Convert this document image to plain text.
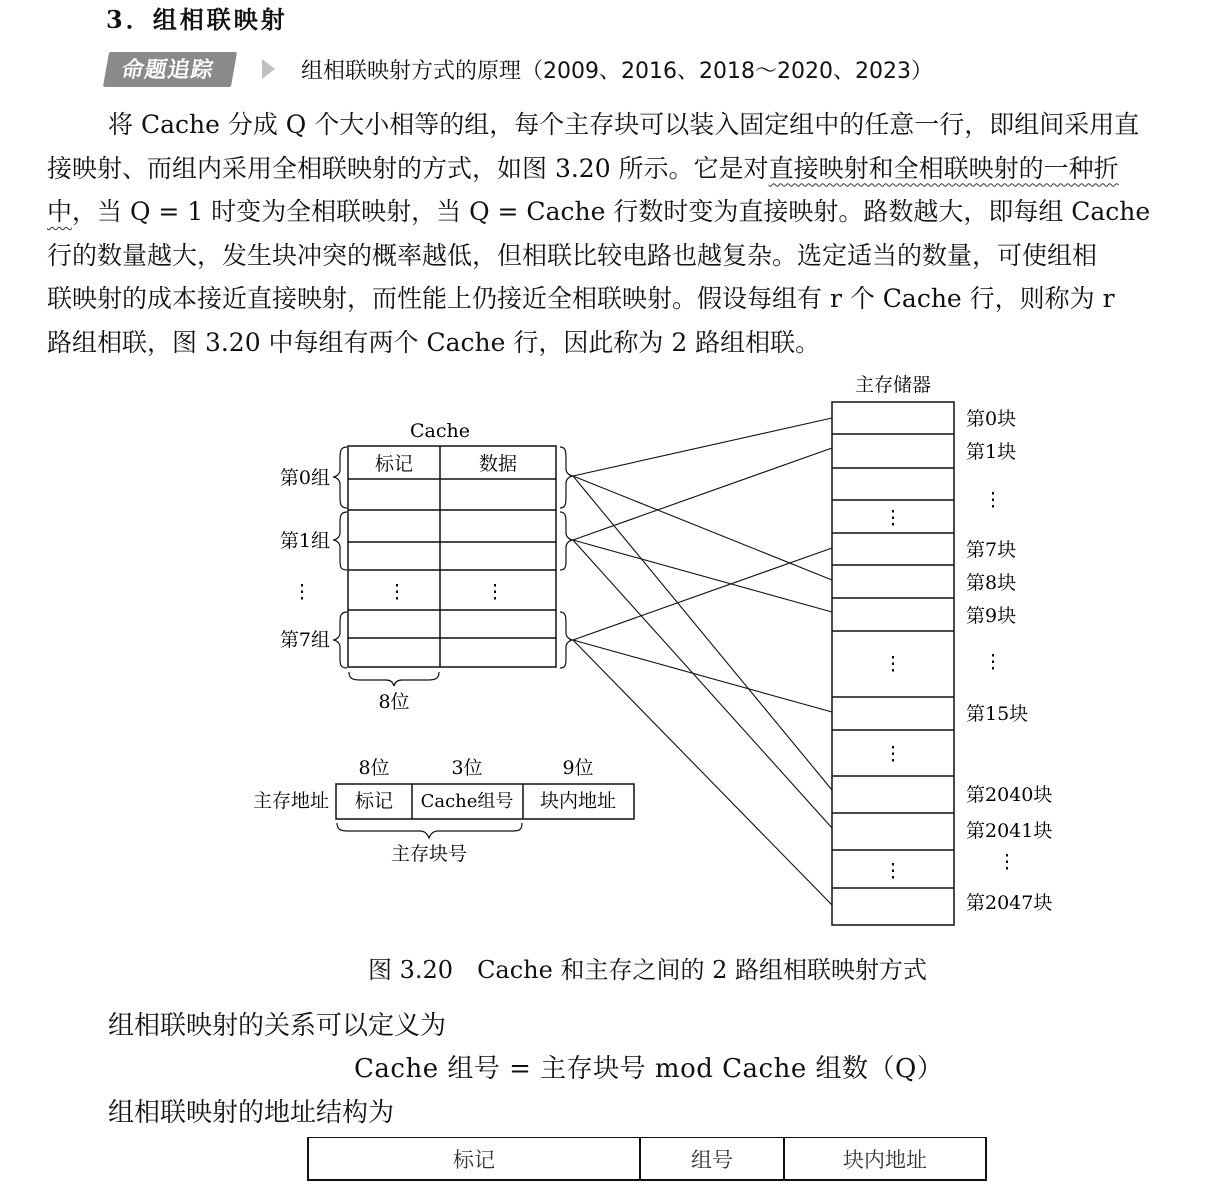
3．组相联映射
命题追踪	组相联映射方式的原理（2009、2016、2018～2020、2023）
将 Cache 分成 Q 个大小相等的组，每个主存块可以装入固定组中的任意一行，即组间采用直
接映射、而组内采用全相联映射的方式，如图 3.20 所示。它是对直接映射和全相联映射的一种折
中，当 Q = 1 时变为全相联映射，当 Q = Cache 行数时变为直接映射。路数越大，即每组 Cache
行的数量越大，发生块冲突的概率越低，但相联比较电路也越复杂。选定适当的数量，可使组相
联映射的成本接近直接映射，而性能上仍接近全相联映射。假设每组有 r 个 Cache 行，则称为 r
路组相联，图 3.20 中每组有两个 Cache 行，因此称为 2 路组相联。
Cache
标记	数据
第0组
第1组
⋮
第7组
⋮	⋮
8位
主存储器
⋮
⋮
⋮
⋮
第0块
第1块
⋮
第7块
第8块
第9块
⋮
第15块
第2040块
第2041块
⋮
第2047块
8位	3位	9位
主存地址 标记 Cache组号 块内地址
主存块号
图 3.20　Cache 和主存之间的 2 路组相联映射方式
组相联映射的关系可以定义为
Cache 组号 = 主存块号 mod Cache 组数（Q）
组相联映射的地址结构为
标记	组号	块内地址
